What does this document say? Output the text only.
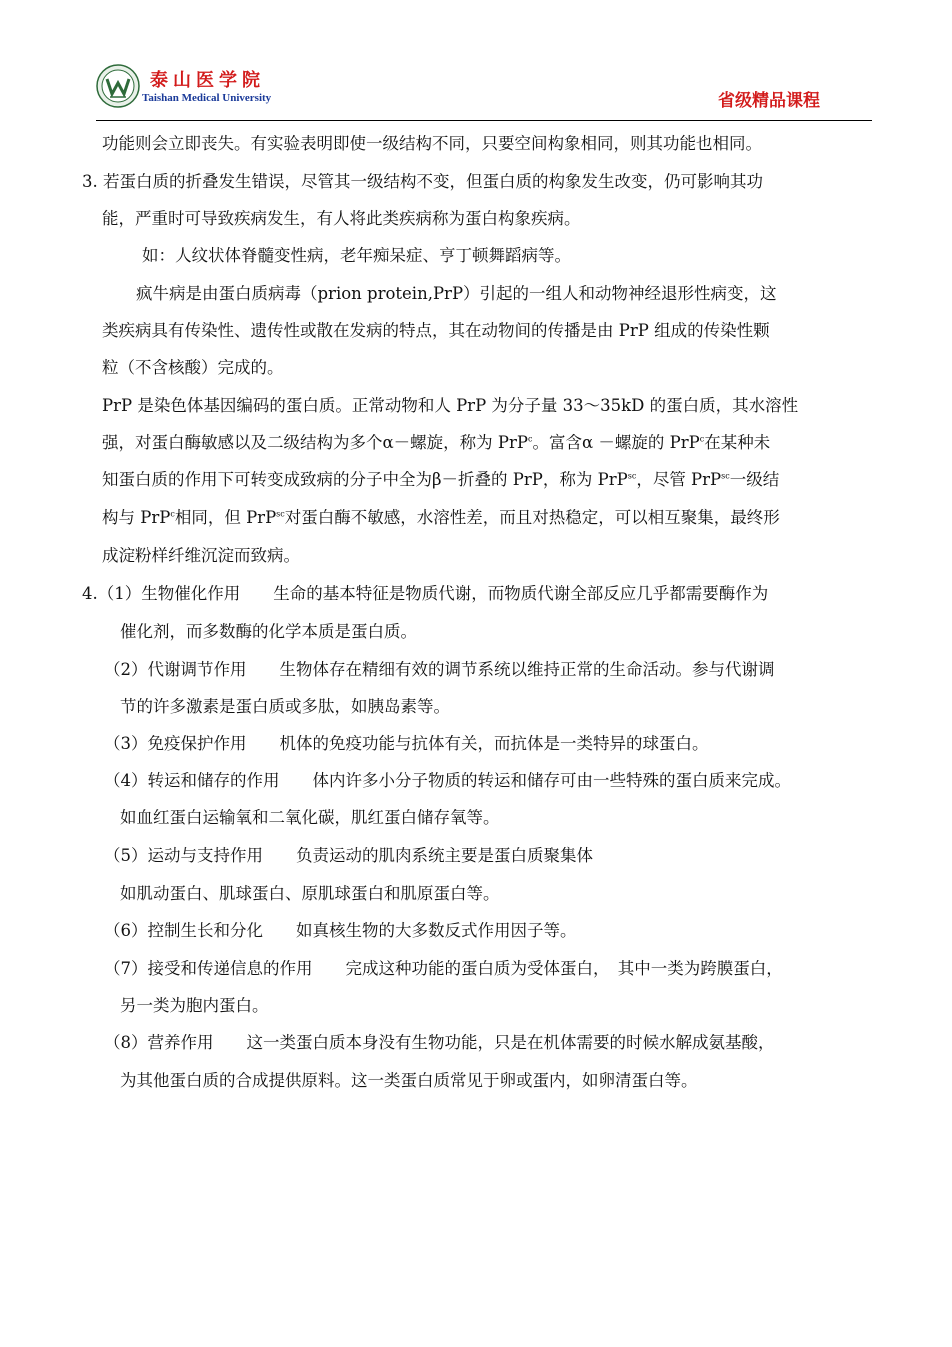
泰山医学院
Taishan Medical University	省级精品课程
功能则会立即丧失。有实验表明即使一级结构不同，只要空间构象相同，则其功能也相同。
3. 若蛋白质的折叠发生错误，尽管其一级结构不变，但蛋白质的构象发生改变，仍可影响其功
能，严重时可导致疾病发生，有人将此类疾病称为蛋白构象疾病。
如：人纹状体脊髓变性病，老年痴呆症、亨丁顿舞蹈病等。
疯牛病是由蛋白质病毒（prion protein,PrP）引起的一组人和动物神经退形性病变，这
类疾病具有传染性、遗传性或散在发病的特点，其在动物间的传播是由 PrP 组成的传染性颗
粒（不含核酸）完成的。
PrP 是染色体基因编码的蛋白质。正常动物和人 PrP 为分子量 33～35kD 的蛋白质，其水溶性
强，对蛋白酶敏感以及二级结构为多个α－螺旋，称为 PrP$^c$。富含α －螺旋的 PrP$^c$在某种未
知蛋白质的作用下可转变成致病的分子中全为β－折叠的 PrP，称为 PrP$^{sc}$，尽管 PrP$^{sc}$一级结
构与 PrP$^c$相同，但 PrP$^{sc}$对蛋白酶不敏感，水溶性差，而且对热稳定，可以相互聚集，最终形
成淀粉样纤维沉淀而致病。
4.（1）生物催化作用　　生命的基本特征是物质代谢，而物质代谢全部反应几乎都需要酶作为
催化剂，而多数酶的化学本质是蛋白质。
（2）代谢调节作用　　生物体存在精细有效的调节系统以维持正常的生命活动。参与代谢调
节的许多激素是蛋白质或多肽，如胰岛素等。
（3）免疫保护作用　　机体的免疫功能与抗体有关，而抗体是一类特异的球蛋白。
（4）转运和储存的作用　　体内许多小分子物质的转运和储存可由一些特殊的蛋白质来完成。
如血红蛋白运输氧和二氧化碳，肌红蛋白储存氧等。
（5）运动与支持作用　　负责运动的肌肉系统主要是蛋白质聚集体
如肌动蛋白、肌球蛋白、原肌球蛋白和肌原蛋白等。
（6）控制生长和分化　　如真核生物的大多数反式作用因子等。
（7）接受和传递信息的作用　　完成这种功能的蛋白质为受体蛋白，　其中一类为跨膜蛋白，
另一类为胞内蛋白。
（8）营养作用　　这一类蛋白质本身没有生物功能，只是在机体需要的时候水解成氨基酸，
为其他蛋白质的合成提供原料。这一类蛋白质常见于卵或蛋内，如卵清蛋白等。
